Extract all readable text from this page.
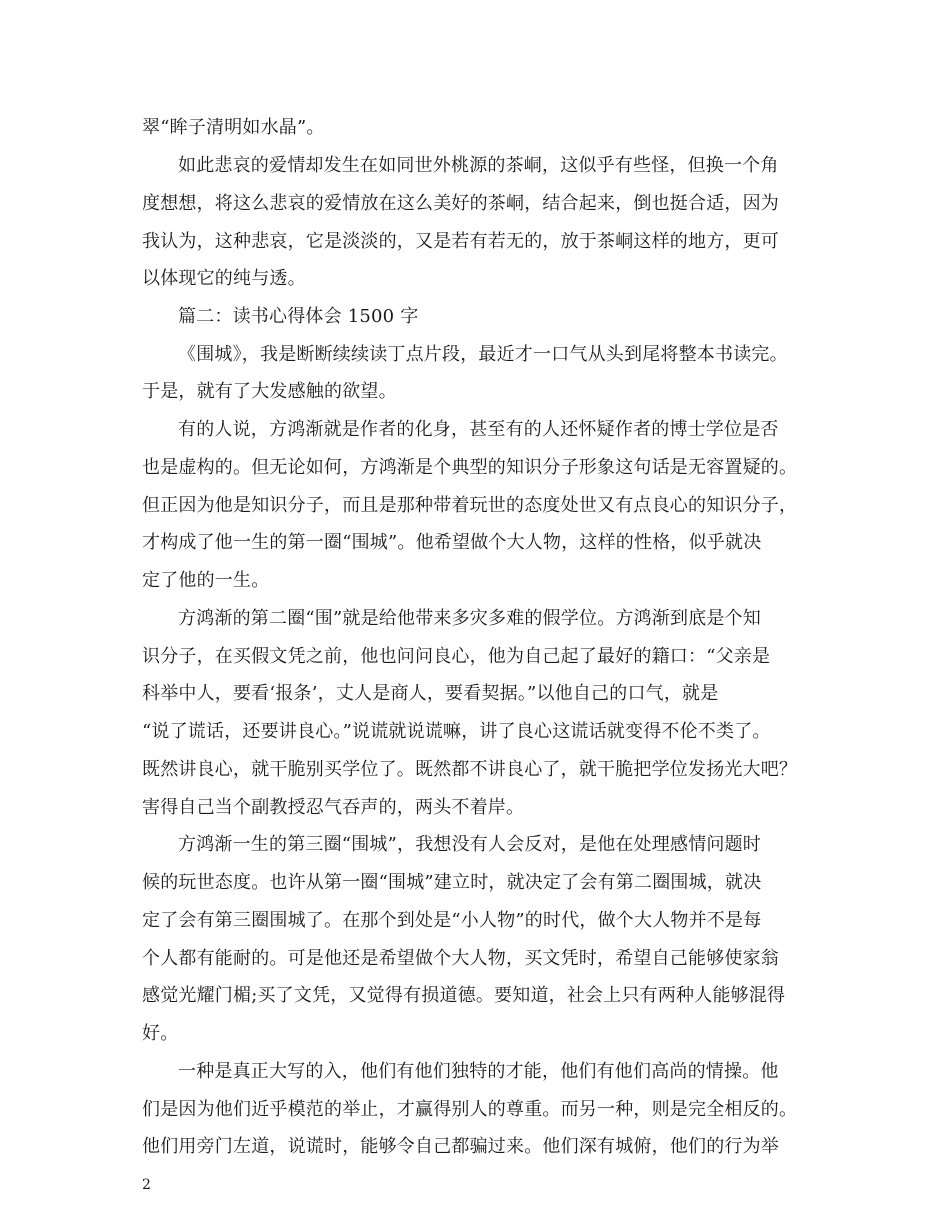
翠“眸子清明如水晶”。
如此悲哀的爱情却发生在如同世外桃源的茶峒，这似乎有些怪，但换一个角
度想想，将这么悲哀的爱情放在这么美好的茶峒，结合起来，倒也挺合适，因为
我认为，这种悲哀，它是淡淡的，又是若有若无的，放于茶峒这样的地方，更可
以体现它的纯与透。
篇二：读书心得体会 1500 字
《围城》，我是断断续续读丁点片段，最近才一口气从头到尾将整本书读完。
于是，就有了大发感触的欲望。
有的人说，方鸿渐就是作者的化身，甚至有的人还怀疑作者的博士学位是否
也是虚构的。但无论如何，方鸿渐是个典型的知识分子形象这句话是无容置疑的。
但正因为他是知识分子，而且是那种带着玩世的态度处世又有点良心的知识分子，
才构成了他一生的第一圈“围城”。他希望做个大人物，这样的性格，似乎就决
定了他的一生。
方鸿渐的第二圈“围”就是给他带来多灾多难的假学位。方鸿渐到底是个知
识分子，在买假文凭之前，他也问问良心，他为自己起了最好的籍口：“父亲是
科举中人，要看‘报条’，丈人是商人，要看契据。”以他自己的口气，就是
“说了谎话，还要讲良心。”说谎就说谎嘛，讲了良心这谎话就变得不伦不类了。
既然讲良心，就干脆别买学位了。既然都不讲良心了，就干脆把学位发扬光大吧？
害得自己当个副教授忍气吞声的，两头不着岸。
方鸿渐一生的第三圈“围城”，我想没有人会反对，是他在处理感情问题时
候的玩世态度。也许从第一圈“围城”建立时，就决定了会有第二圈围城，就决
定了会有第三圈围城了。在那个到处是“小人物”的时代，做个大人物并不是每
个人都有能耐的。可是他还是希望做个大人物，买文凭时，希望自己能够使家翁
感觉光耀门楣;买了文凭，又觉得有损道德。要知道，社会上只有两种人能够混得
好。
一种是真正大写的入，他们有他们独特的才能，他们有他们高尚的情操。他
们是因为他们近乎模范的举止，才赢得别人的尊重。而另一种，则是完全相反的。
他们用旁门左道，说谎时，能够令自己都骗过来。他们深有城俯，他们的行为举
2
